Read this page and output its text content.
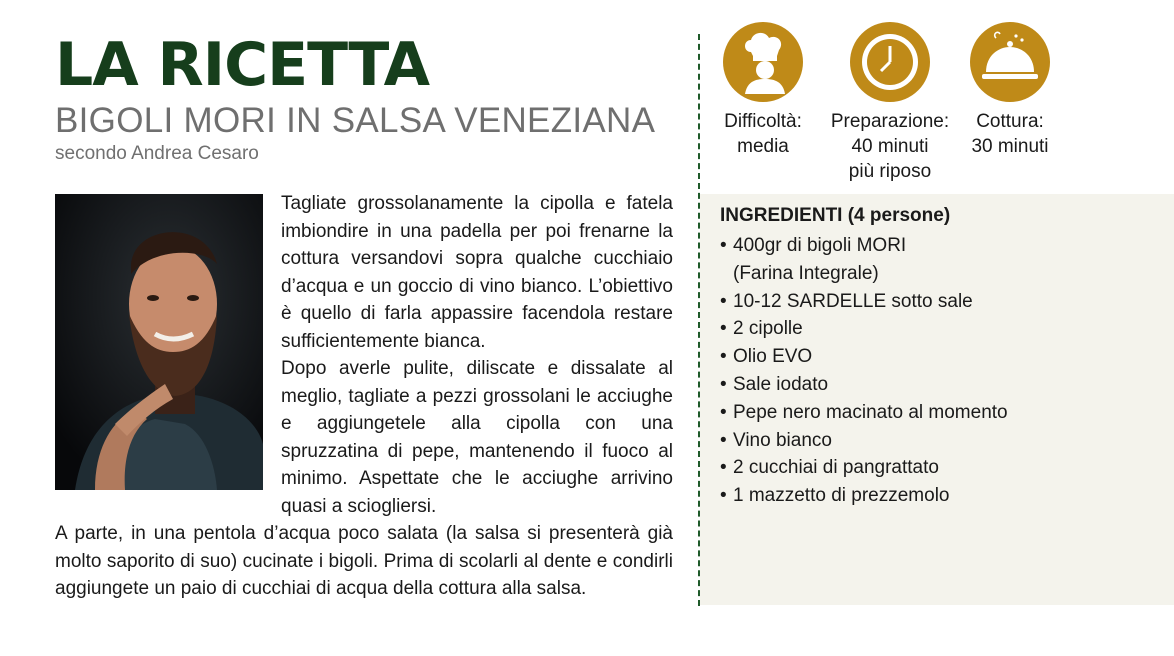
LA RICETTA

BIGOLI MORI IN SALSA VENEZIANA

secondo Andrea Cesaro

Tagliate grossolanamente la cipolla e fatela imbiondire in una padella per poi frenarne la cottura versandovi sopra qualche cucchiaio d’acqua e un goccio di vino bianco. L’obiettivo è quello di farla appassire facendola restare sufficientemente bianca.

Dopo averle pulite, diliscate e dissalate al meglio, tagliate a pezzi grossolani le acciughe e aggiungetele alla cipolla con una spruzzatina di pepe, mantenendo il fuoco al minimo. Aspettate che le acciughe arrivino quasi a sciogliersi.

A parte, in una pentola d’acqua poco salata (la salsa si presenterà già molto saporito di suo) cucinate i bigoli. Prima di scolarli al dente e condirli aggiungete un paio di cucchiai di acqua della cottura alla salsa.

Difficoltà:
media
Preparazione:
40 minuti
più riposo
Cottura:
30 minuti

INGREDIENTI (4 persone)

• 400gr di bigoli MORI
(Farina Integrale)
• 10-12 SARDELLE sotto sale
• 2 cipolle
• Olio EVO
• Sale iodato
• Pepe nero macinato al momento
• Vino bianco
• 2 cucchiai di pangrattato
• 1 mazzetto di prezzemolo
